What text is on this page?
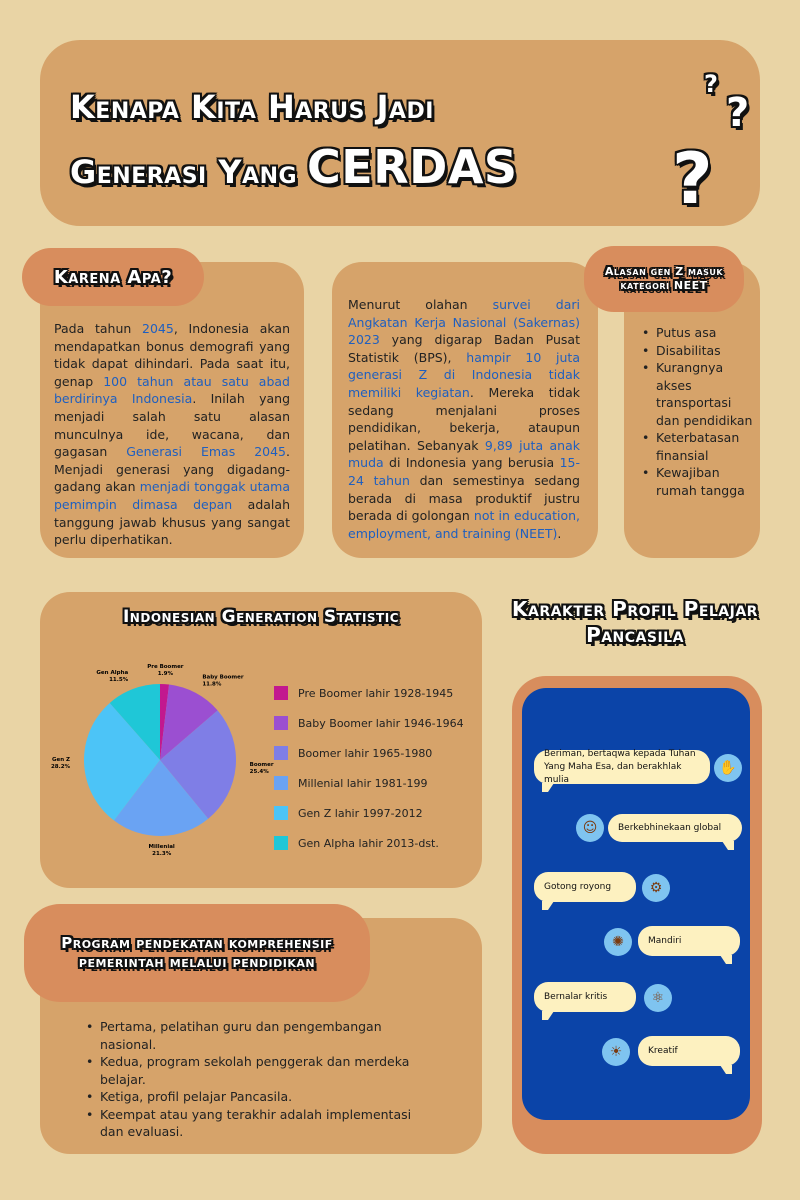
Kenapa Kita Harus Jadi
Generasi Yang CERDAS ?
?
?
Karena Apa?
Pada tahun 2045, Indonesia akan mendapatkan bonus demografi yang tidak dapat dihindari. Pada saat itu, genap 100 tahun atau satu abad berdirinya Indonesia. Inilah yang menjadi salah satu alasan munculnya ide, wacana, dan gagasan Generasi Emas 2045. Menjadi generasi yang digadang-gadang akan menjadi tonggak utama pemimpin dimasa depan adalah tanggung jawab khusus yang sangat perlu diperhatikan.
Menurut olahan survei dari Angkatan Kerja Nasional (Sakernas) 2023 yang digarap Badan Pusat Statistik (BPS), hampir 10 juta generasi Z di Indonesia tidak memiliki kegiatan. Mereka tidak sedang menjalani proses pendidikan, bekerja, ataupun pelatihan. Sebanyak 9,89 juta anak muda di Indonesia yang berusia 15-24 tahun dan semestinya sedang berada di masa produktif justru berada di golongan not in education, employment, and training (NEET).
Alasan gen Z masuk kategori NEET
• Putus asa
• Disabilitas
• Kurangnya akses transportasi dan pendidikan
• Keterbatasan finansial
• Kewajiban rumah tangga
Indonesian Generation Statistic
Pre Boomer
1.9%
Baby Boomer
11.8%
Boomer
25.4%
Millenial
21.3%
Gen Z
28.2%
Gen Alpha
11.5%
Pre Boomer lahir 1928-1945
Baby Boomer lahir 1946-1964
Boomer lahir 1965-1980
Millenial lahir 1981-199
Gen Z lahir 1997-2012
Gen Alpha lahir 2013-dst.
Program pendekatan komprehensif pemerintah melalui pendidikan
• Pertama, pelatihan guru dan pengembangan nasional.
• Kedua, program sekolah penggerak dan merdeka belajar.
• Ketiga, profil pelajar Pancasila.
• Keempat atau yang terakhir adalah implementasi dan evaluasi.
Karakter Profil Pelajar Pancasila
Beriman, bertaqwa kepada Tuhan Yang Maha Esa, dan berakhlak mulia
✋
Berkebhinekaan global
☺
Gotong royong	⚙
Mandiri
✺
Bernalar kritis	⚛
Kreatif
☀
